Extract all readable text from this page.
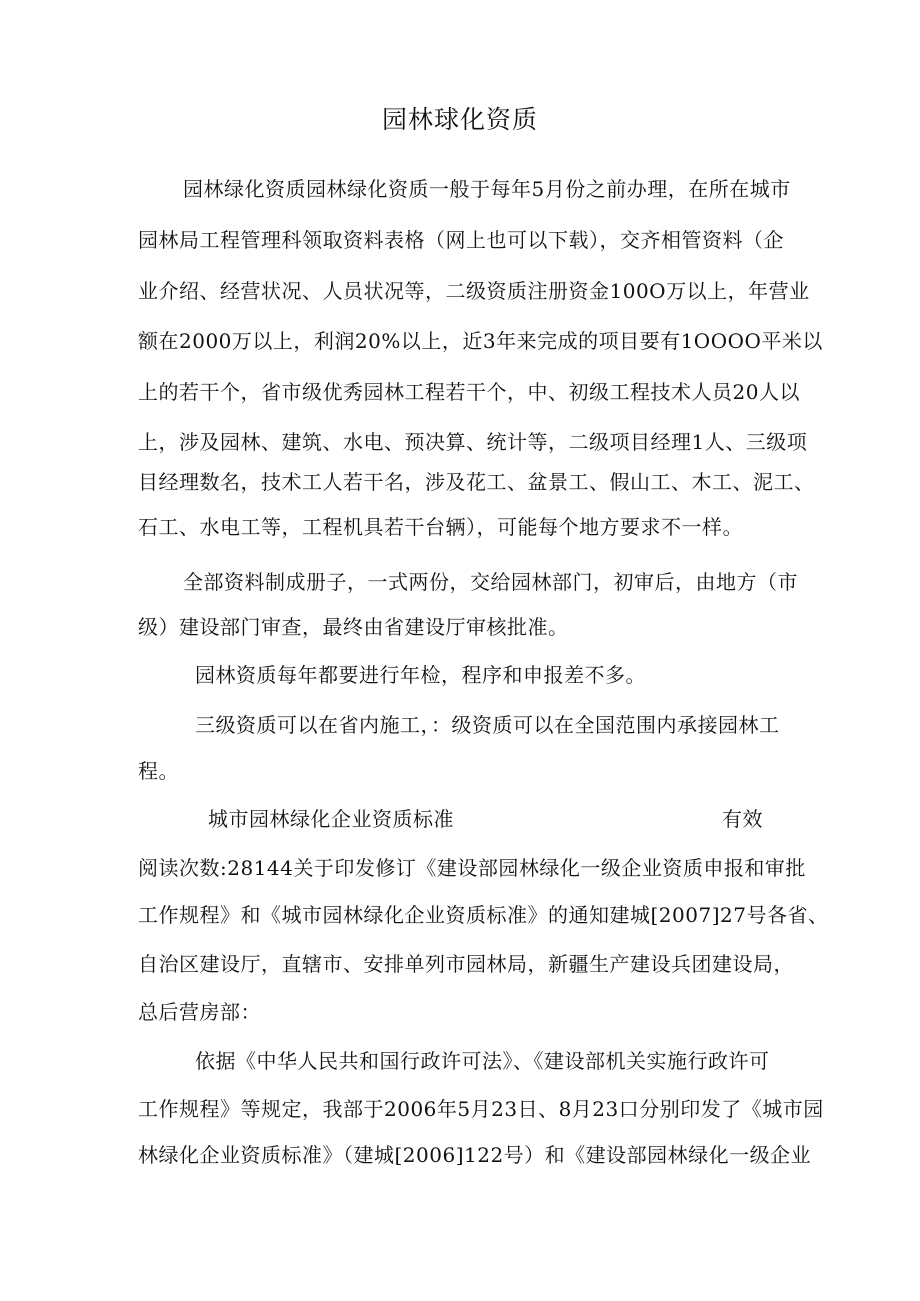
园林球化资质
园林绿化资质园林绿化资质一般于每年5月份之前办理，在所在城市
园林局工程管理科领取资料表格（网上也可以下载），交齐相管资料（企
业介绍、经营状况、人员状况等，二级资质注册资金100O万以上，年营业
额在2000万以上，利润20%以上，近3年来完成的项目要有1OOOO平米以
上的若干个，省市级优秀园林工程若干个，中、初级工程技术人员20人以
上，涉及园林、建筑、水电、预决算、统计等，二级项目经理1人、三级项
目经理数名，技术工人若干名，涉及花工、盆景工、假山工、木工、泥工、
石工、水电工等，工程机具若干台辆），可能每个地方要求不一样。
全部资料制成册子，一式两份，交给园林部门，初审后，由地方（市
级）建设部门审查，最终由省建设厅审核批准。
园林资质每年都要进行年检，程序和申报差不多。
三级资质可以在省内施工，：级资质可以在全国范围内承接园林工
程。
城市园林绿化企业资质标准	有效
阅读次数:28144关于印发修订《建设部园林绿化一级企业资质申报和审批
工作规程》和《城市园林绿化企业资质标准》的通知建城[2007]27号各省、
自治区建设厅，直辖市、安排单列市园林局，新疆生产建设兵团建设局，
总后营房部：
依据《中华人民共和国行政许可法》、《建设部机关实施行政许可
工作规程》等规定，我部于2006年5月23日、8月23口分别印发了《城市园
林绿化企业资质标准》（建城[2006]122号）和《建设部园林绿化一级企业
